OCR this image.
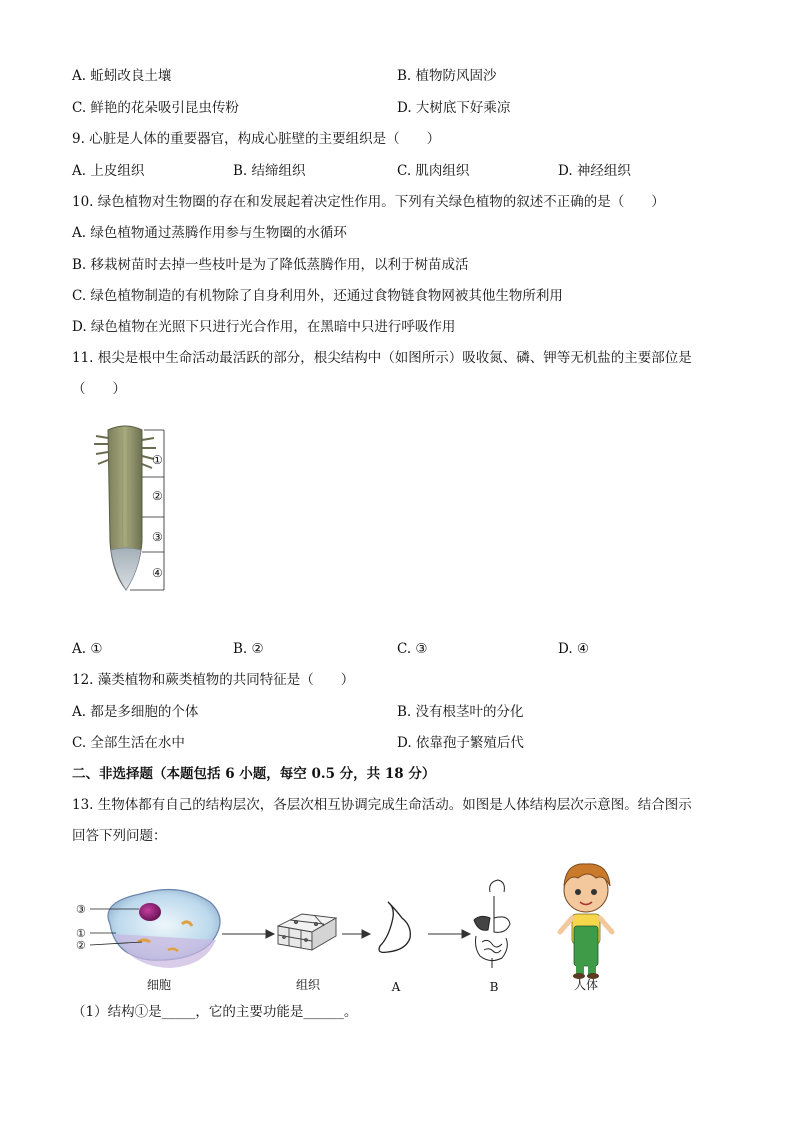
A. 蚯蚓改良土壤	B. 植物防风固沙
C. 鲜艳的花朵吸引昆虫传粉	D. 大树底下好乘凉
9. 心脏是人体的重要器官，构成心脏壁的主要组织是（　　）
A. 上皮组织	B. 结缔组织	C. 肌肉组织	D. 神经组织
10. 绿色植物对生物圈的存在和发展起着决定性作用。下列有关绿色植物的叙述不正确的是（　　）
A. 绿色植物通过蒸腾作用参与生物圈的水循环
B. 移栽树苗时去掉一些枝叶是为了降低蒸腾作用，以利于树苗成活
C. 绿色植物制造的有机物除了自身利用外，还通过食物链食物网被其他生物所利用
D. 绿色植物在光照下只进行光合作用，在黑暗中只进行呼吸作用
11. 根尖是根中生命活动最活跃的部分，根尖结构中（如图所示）吸收氮、磷、钾等无机盐的主要部位是
（　　）
①
②
③
④
A. ①	B. ②	C. ③	D. ④
12. 藻类植物和蕨类植物的共同特征是（　　）
A. 都是多细胞的个体	B. 没有根茎叶的分化
C. 全部生活在水中	D. 依靠孢子繁殖后代
二、非选择题（本题包括 6 小题，每空 0.5 分，共 18 分）
13. 生物体都有自己的结构层次，各层次相互协调完成生命活动。如图是人体结构层次示意图。结合图示
回答下列问题：
③
①
②
细胞	组织	A	B	人体
（1）结构①是_____，它的主要功能是______。
